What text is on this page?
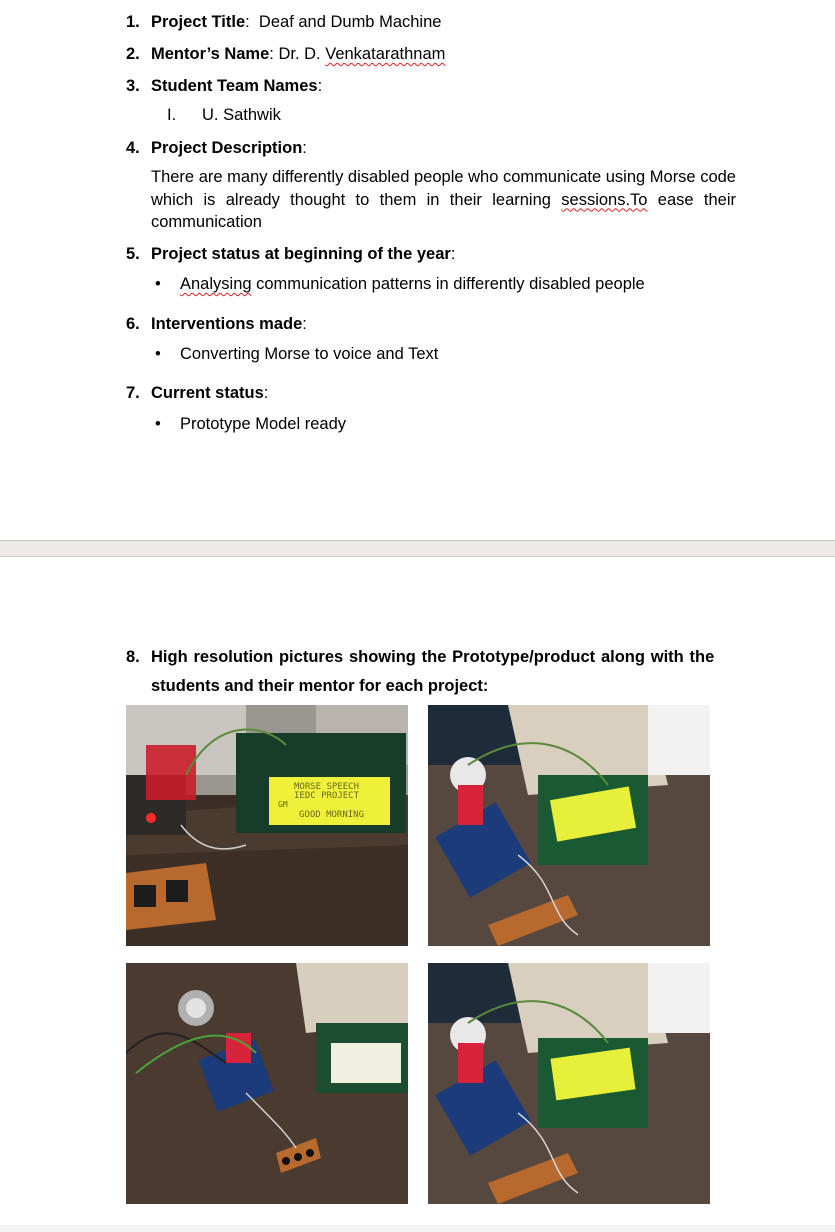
1. Project Title: Deaf and Dumb Machine
2. Mentor’s Name: Dr. D. Venkatarathnam
3. Student Team Names:
I. U. Sathwik
4. Project Description:
There are many differently disabled people who communicate using Morse code which is already thought to them in their learning sessions.To ease their communication
5. Project status at beginning of the year:
• Analysing communication patterns in differently disabled people
6. Interventions made:
• Converting Morse to voice and Text
7. Current status:
• Prototype Model ready
8. High resolution pictures showing the Prototype/product along with the
students and their mentor for each project:
MORSE SPEECH
IEDC PROJECT
GM
GOOD MORNING
